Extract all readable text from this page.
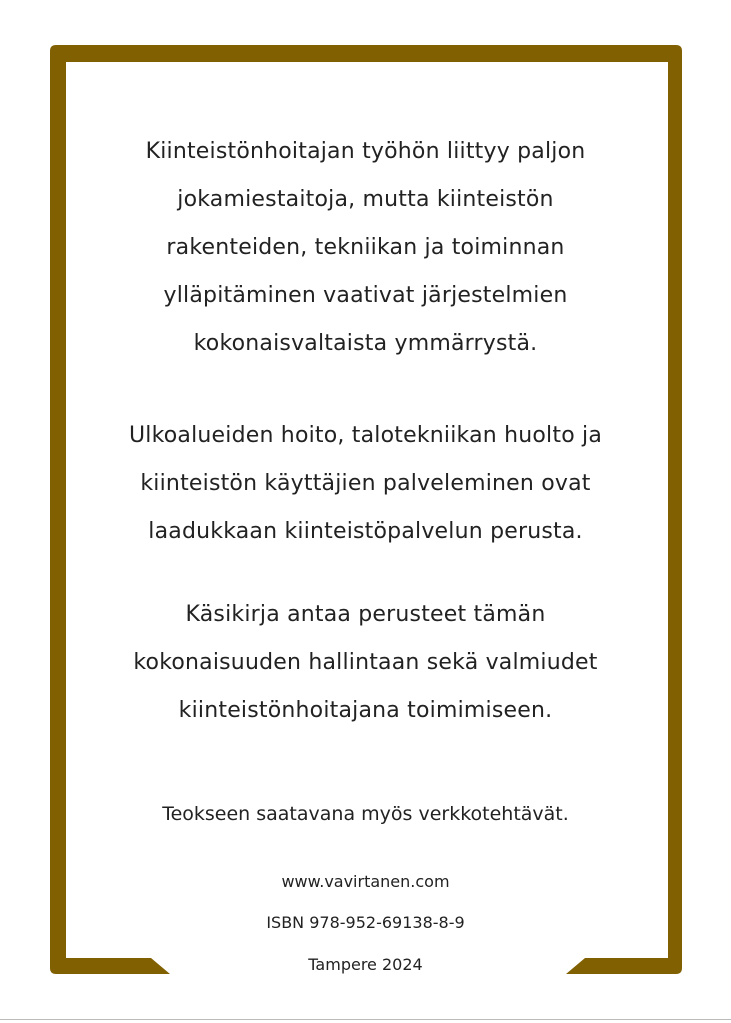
Kiinteistönhoitajan työhön liittyy paljon
jokamiestaitoja, mutta kiinteistön
rakenteiden, tekniikan ja toiminnan
ylläpitäminen vaativat järjestelmien
kokonaisvaltaista ymmärrystä.
Ulkoalueiden hoito, talotekniikan huolto ja
kiinteistön käyttäjien palveleminen ovat
laadukkaan kiinteistöpalvelun perusta.
Käsikirja antaa perusteet tämän
kokonaisuuden hallintaan sekä valmiudet
kiinteistönhoitajana toimimiseen.
Teokseen saatavana myös verkkotehtävät.
www.vavirtanen.com
ISBN 978-952-69138-8-9
Tampere 2024
